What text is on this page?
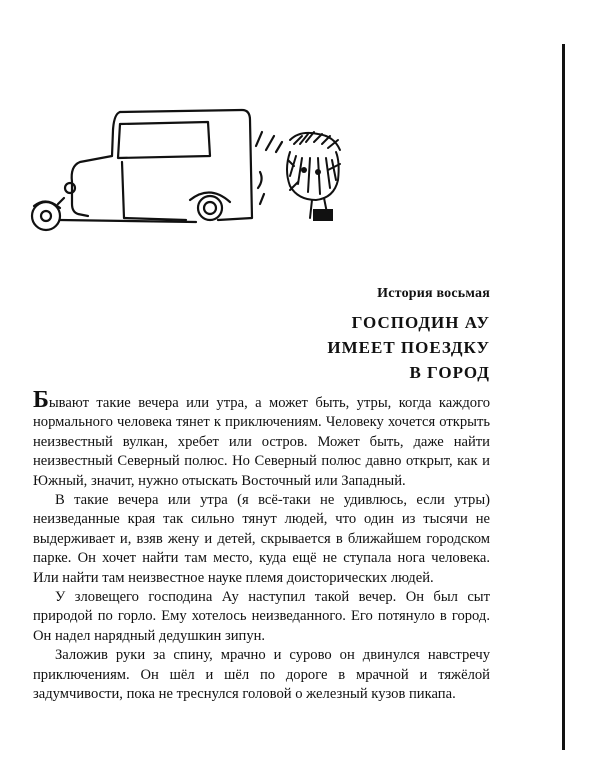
История восьмая

ГОСПОДИН АУ

ИМЕЕТ ПОЕЗДКУ

В ГОРОД

Бывают такие вечера или утра, а может быть, утры, когда каждого нормального человека тянет к приключениям. Человеку хочется открыть неизвестный вулкан, хребет или остров. Может быть, даже найти неизвестный Северный полюс. Но Северный полюс давно открыт, как и Южный, значит, нужно отыскать Восточный или Западный.

В такие вечера или утра (я всё-таки не удивлюсь, если утры) неизведанные края так сильно тянут людей, что один из тысячи не выдерживает и, взяв жену и детей, скрывается в ближайшем городском парке. Он хочет найти там место, куда ещё не ступала нога человека. Или найти там неизвестное науке племя доисторических людей.

У зловещего господина Ау наступил такой вечер. Он был сыт природой по горло. Ему хотелось неизведанного. Его потянуло в город. Он надел нарядный дедушкин зипун.

Заложив руки за спину, мрачно и сурово он двинулся навстречу приключениям. Он шёл и шёл по дороге в мрачной и тяжёлой задумчивости, пока не треснулся головой о железный кузов пикапа.
